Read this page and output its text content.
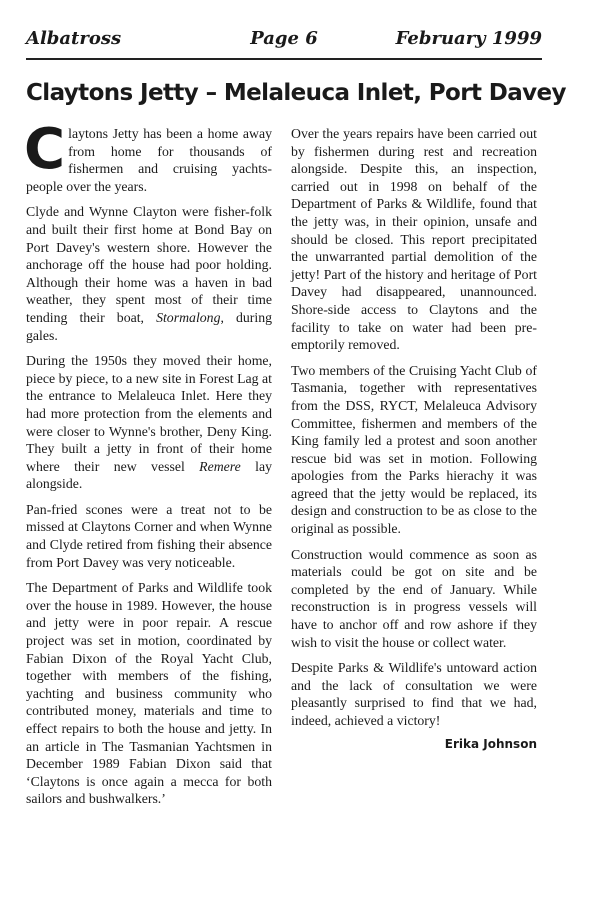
Albatross	Page 6	February 1999
Claytons Jetty – Melaleuca Inlet, Port Davey

Claytons Jetty has been a home away from home for thousands of fishermen and cruising yachts-people over the years.

Clyde and Wynne Clayton were fisher-folk and built their first home at Bond Bay on Port Davey's western shore. However the anchorage off the house had poor holding. Although their home was a haven in bad weather, they spent most of their time tending their boat, Stormalong, during gales.

During the 1950s they moved their home, piece by piece, to a new site in Forest Lag at the entrance to Melaleuca Inlet. Here they had more protection from the elements and were closer to Wynne's brother, Deny King. They built a jetty in front of their home where their new vessel Remere lay alongside.

Pan-fried scones were a treat not to be missed at Claytons Corner and when Wynne and Clyde retired from fishing their absence from Port Davey was very noticeable.

The Department of Parks and Wildlife took over the house in 1989. However, the house and jetty were in poor repair. A rescue project was set in motion, coordinated by Fabian Dixon of the Royal Yacht Club, together with members of the fishing, yachting and business community who contributed money, materials and time to effect repairs to both the house and jetty. In an article in The Tasmanian Yachtsmen in December 1989 Fabian Dixon said that ‘Claytons is once again a mecca for both sailors and bushwalkers.’

Over the years repairs have been carried out by fishermen during rest and recreation alongside. Despite this, an inspection, carried out in 1998 on behalf of the Department of Parks & Wildlife, found that the jetty was, in their opinion, unsafe and should be closed. This report precipitated the unwarranted partial demolition of the jetty! Part of the history and heritage of Port Davey had disappeared, unannounced. Shore-side access to Claytons and the facility to take on water had been pre-emptorily removed.

Two members of the Cruising Yacht Club of Tasmania, together with representatives from the DSS, RYCT, Melaleuca Advisory Committee, fishermen and members of the King family led a protest and soon another rescue bid was set in motion. Following apologies from the Parks hierachy it was agreed that the jetty would be replaced, its design and construction to be as close to the original as possible.

Construction would commence as soon as materials could be got on site and be completed by the end of January. While reconstruction is in progress vessels will have to anchor off and row ashore if they wish to visit the house or collect water.

Despite Parks & Wildlife's untoward action and the lack of consultation we were pleasantly surprised to find that we had, indeed, achieved a victory!

Erika Johnson
